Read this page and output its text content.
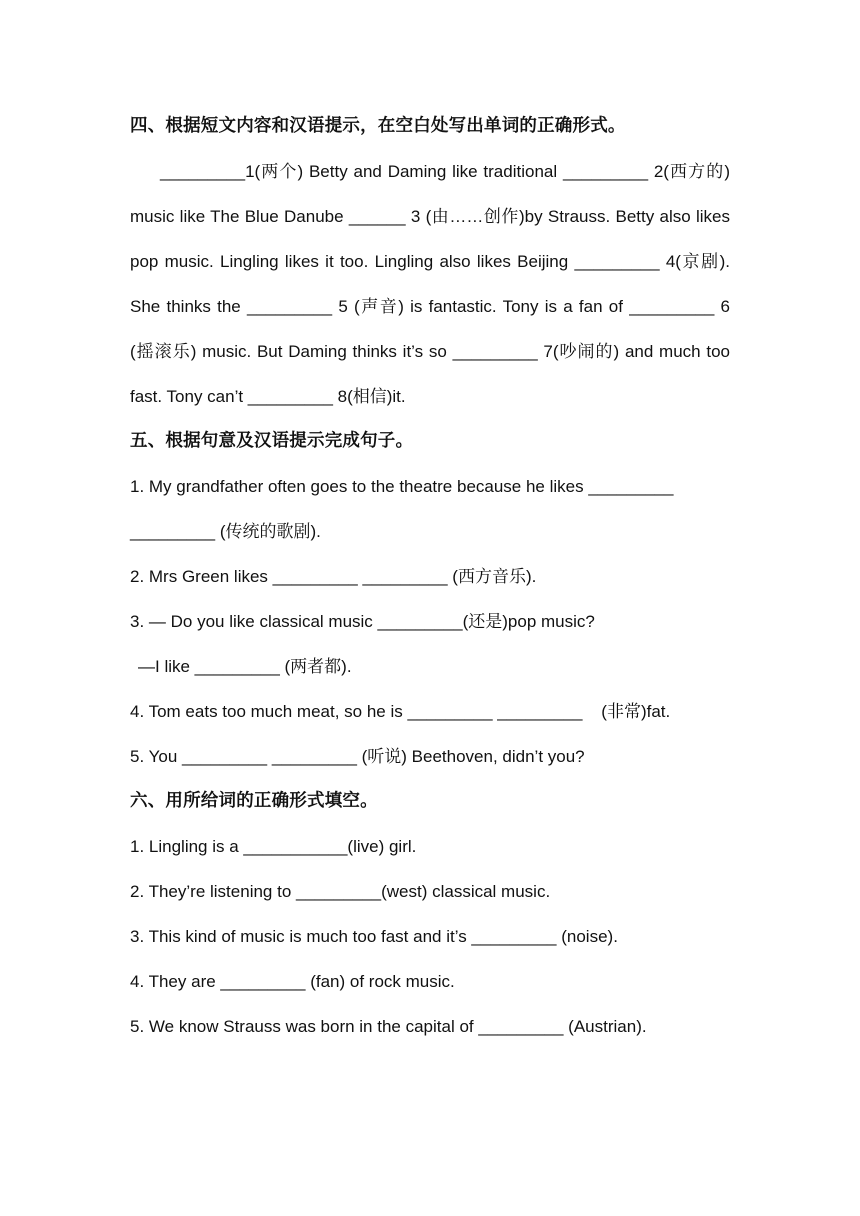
四、根据短文内容和汉语提示，在空白处写出单词的正确形式。

_________1(两个) Betty and Daming like traditional _________ 2(西方的) music like The Blue Danube ______ 3 (由……创作)by Strauss. Betty also likes pop music. Lingling likes it too. Lingling also likes Beijing _________ 4(京剧). She thinks the _________ 5 (声音) is fantastic. Tony is a fan of _________ 6 (摇滚乐) music. But Daming thinks it’s so _________ 7(吵闹的) and much too fast. Tony can’t _________ 8(相信)it.

五、根据句意及汉语提示完成句子。
1. My grandfather often goes to the theatre because he likes _________
_________ (传统的歌剧).
2. Mrs Green likes _________ _________ (西方音乐).
3. — Do you like classical music _________(还是)pop music?
—I like _________ (两者都).
4. Tom eats too much meat, so he is _________ _________    (非常)fat.
5. You _________ _________ (听说) Beethoven, didn’t you?
六、用所给词的正确形式填空。
1. Lingling is a ___________(live) girl.
2. They’re listening to _________(west) classical music.
3. This kind of music is much too fast and it’s _________ (noise).
4. They are _________ (fan) of rock music.
5. We know Strauss was born in the capital of _________ (Austrian).
